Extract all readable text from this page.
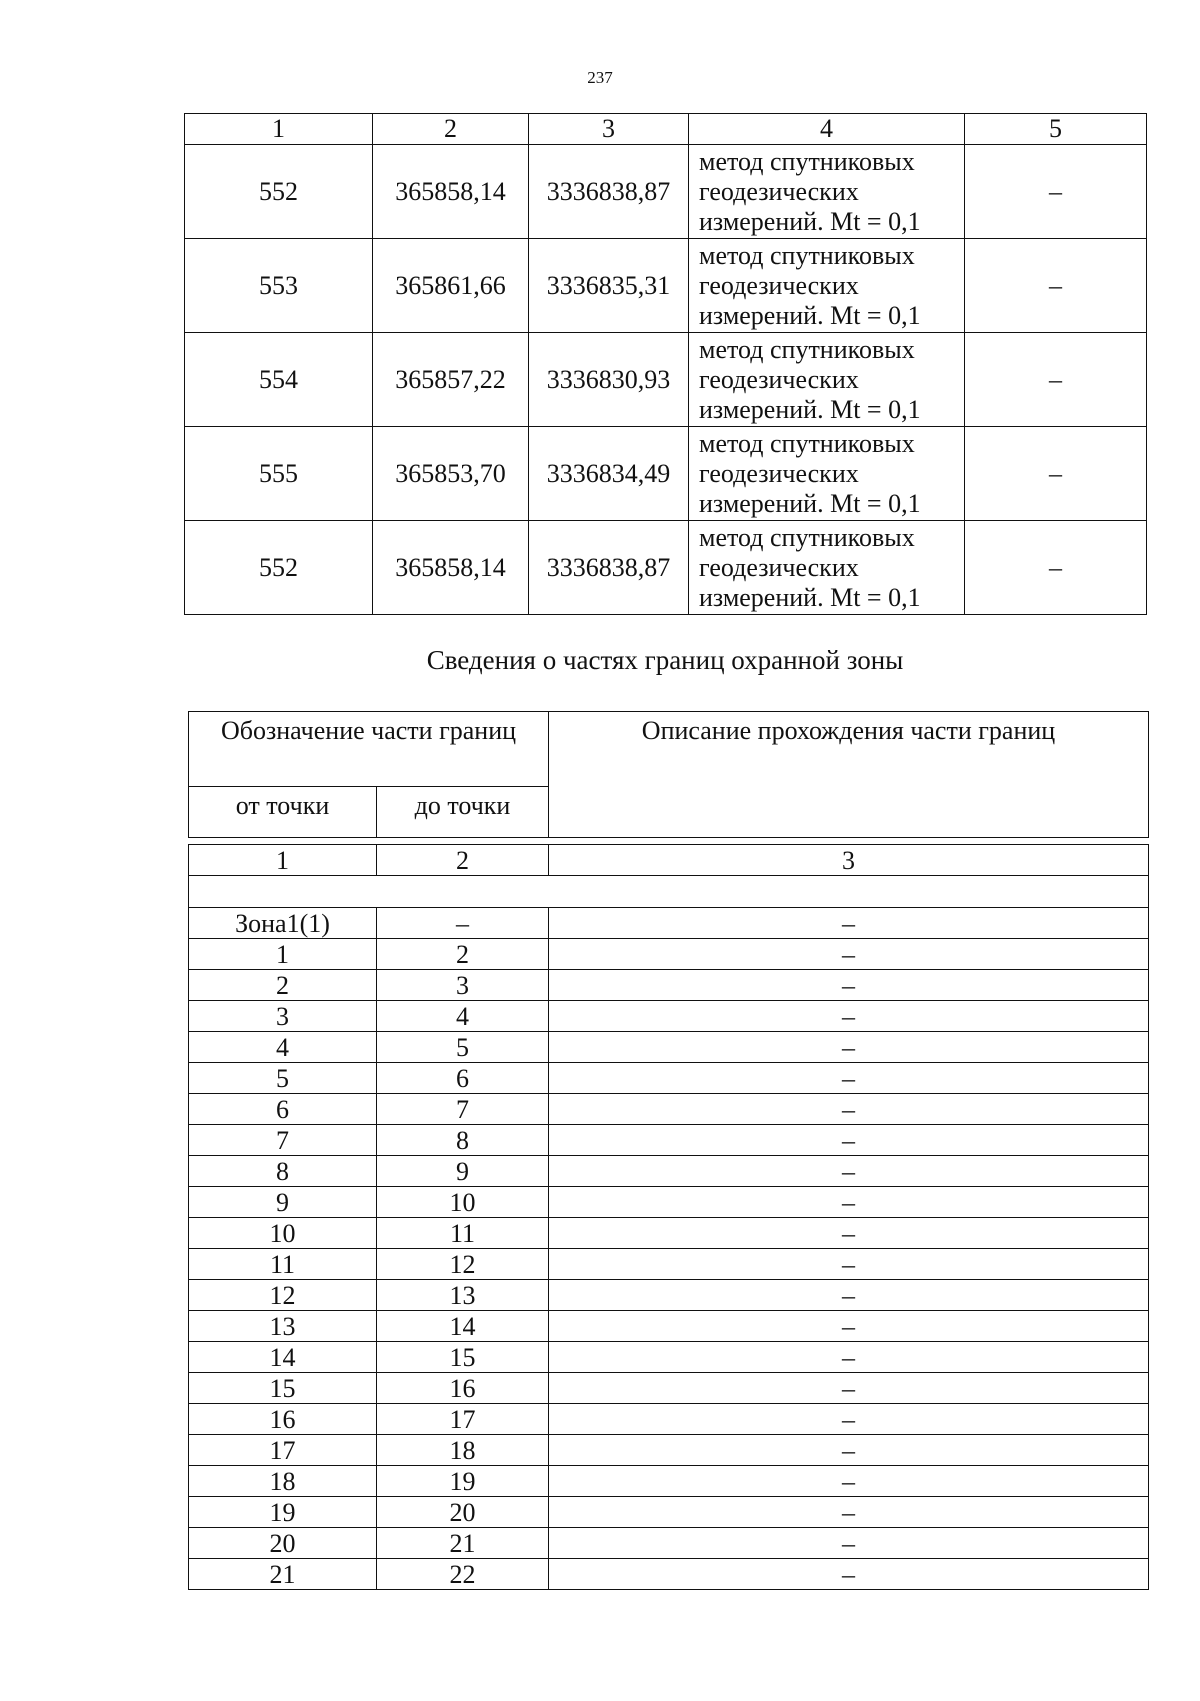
237
1	2	3	4	5
552	365858,14	3336838,87	метод спутниковых
геодезических
измерений. Mt = 0,1	–
553	365861,66	3336835,31	метод спутниковых
геодезических
измерений. Mt = 0,1	–
554	365857,22	3336830,93	метод спутниковых
геодезических
измерений. Mt = 0,1	–
555	365853,70	3336834,49	метод спутниковых
геодезических
измерений. Mt = 0,1	–
552	365858,14	3336838,87	метод спутниковых
геодезических
измерений. Mt = 0,1	–
Сведения о частях границ охранной зоны
Обозначение части границ		Описание прохождения части границ
от точки	до точки	

1	2	3

Зона1(1)	–	–
1	2	–
2	3	–
3	4	–
4	5	–
5	6	–
6	7	–
7	8	–
8	9	–
9	10	–
10	11	–
11	12	–
12	13	–
13	14	–
14	15	–
15	16	–
16	17	–
17	18	–
18	19	–
19	20	–
20	21	–
21	22	–
